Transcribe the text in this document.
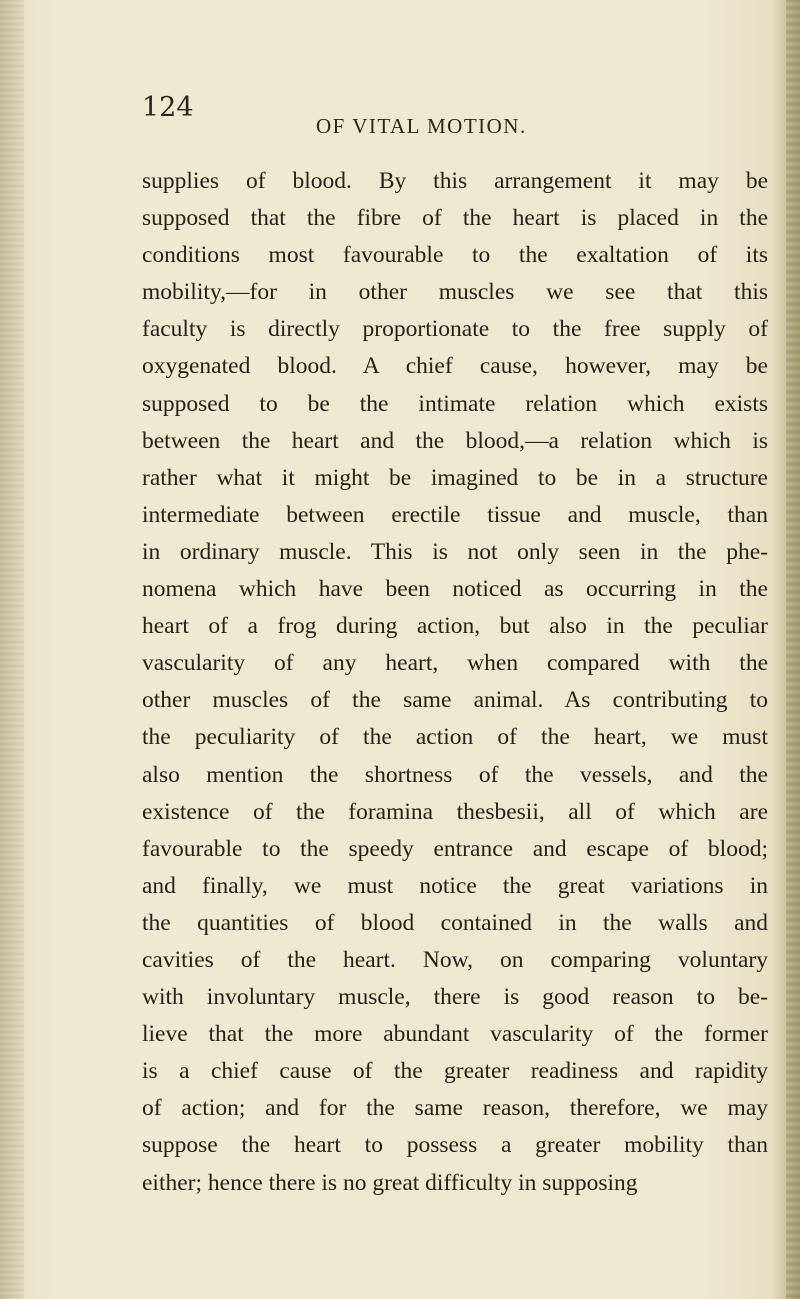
124
OF VITAL MOTION.
supplies of blood. By this arrangement it may be
supposed that the fibre of the heart is placed in the
conditions most favourable to the exaltation of its
mobility,—for in other muscles we see that this
faculty is directly proportionate to the free supply of
oxygenated blood. A chief cause, however, may be
supposed to be the intimate relation which exists
between the heart and the blood,—a relation which is
rather what it might be imagined to be in a structure
intermediate between erectile tissue and muscle, than
in ordinary muscle. This is not only seen in the phe-
nomena which have been noticed as occurring in the
heart of a frog during action, but also in the peculiar
vascularity of any heart, when compared with the
other muscles of the same animal. As contributing to
the peculiarity of the action of the heart, we must
also mention the shortness of the vessels, and the
existence of the foramina thesbesii, all of which are
favourable to the speedy entrance and escape of blood;
and finally, we must notice the great variations in
the quantities of blood contained in the walls and
cavities of the heart. Now, on comparing voluntary
with involuntary muscle, there is good reason to be-
lieve that the more abundant vascularity of the former
is a chief cause of the greater readiness and rapidity
of action; and for the same reason, therefore, we may
suppose the heart to possess a greater mobility than
either; hence there is no great difficulty in supposing
